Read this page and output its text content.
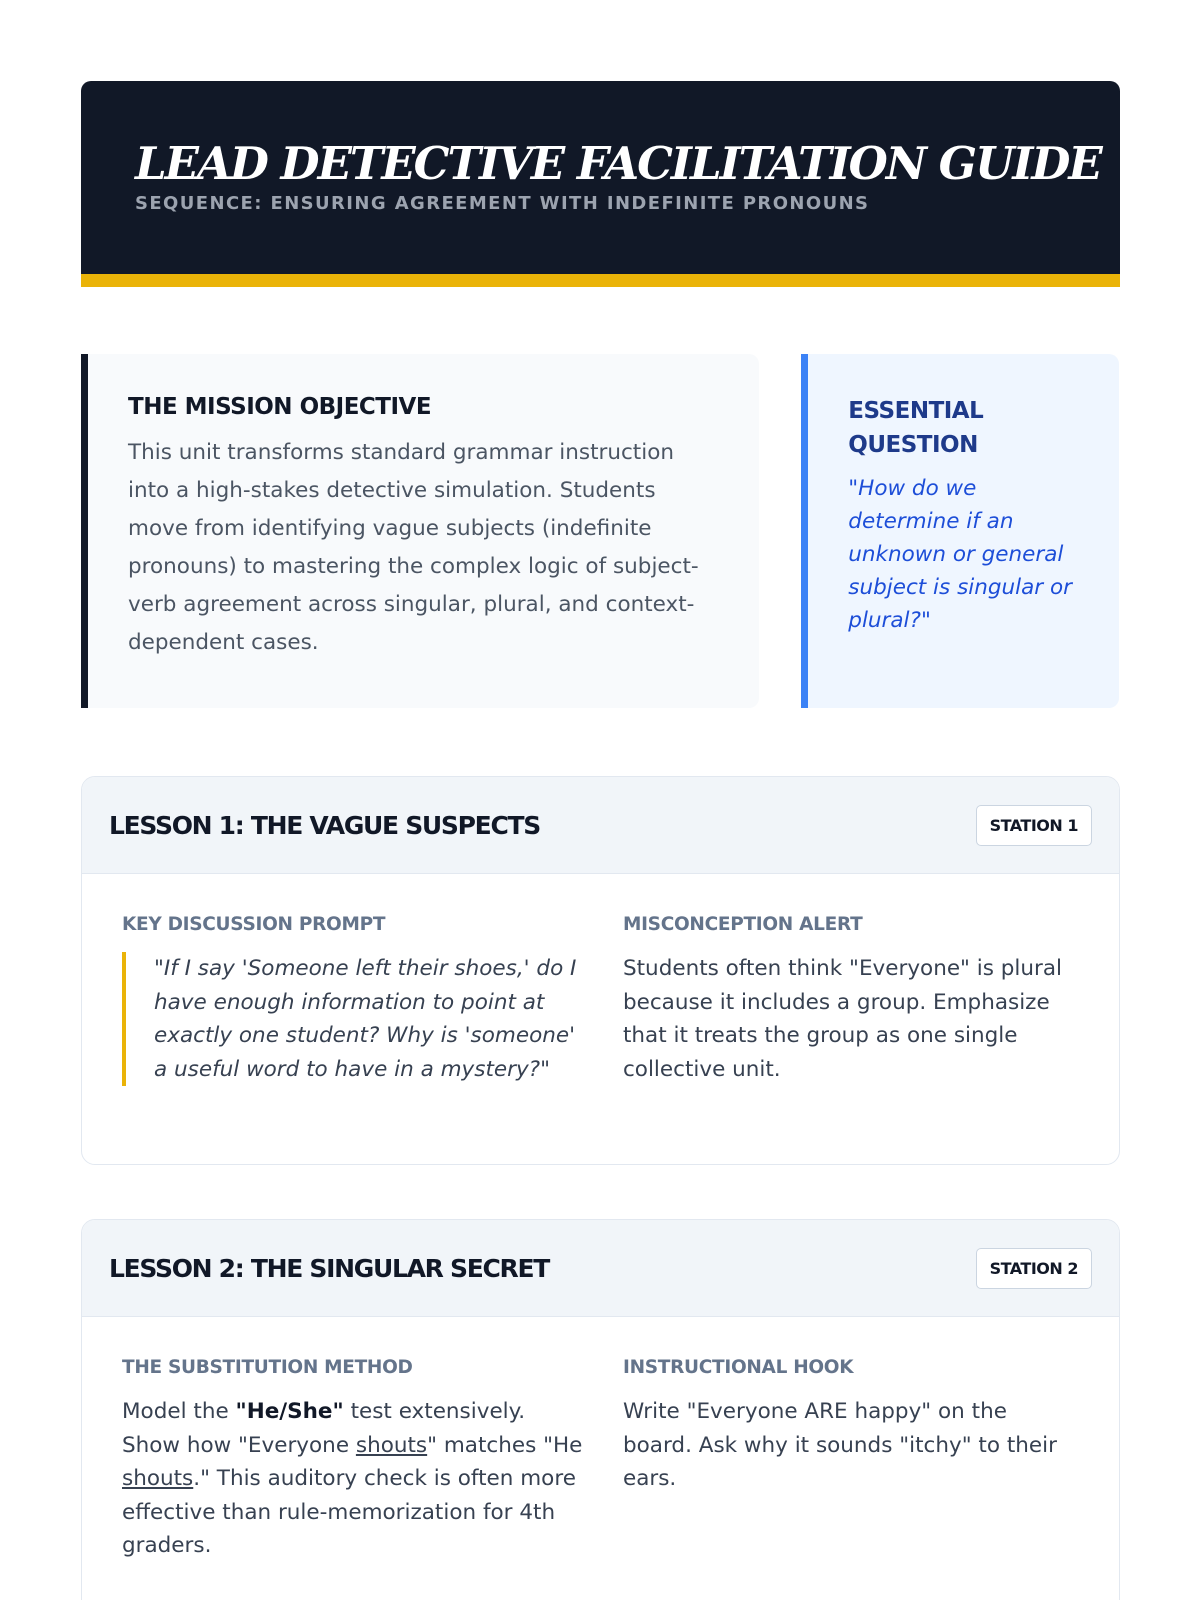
LEAD DETECTIVE FACILITATION GUIDE
SEQUENCE: ENSURING AGREEMENT WITH INDEFINITE PRONOUNS
THE MISSION OBJECTIVE

This unit transforms standard grammar instruction into a high-stakes detective simulation. Students move from identifying vague subjects (indefinite pronouns) to mastering the complex logic of subject-verb agreement across singular, plural, and context-dependent cases.

ESSENTIAL QUESTION

"How do we determine if an unknown or general subject is singular or plural?"

LESSON 1: THE VAGUE SUSPECTS	STATION 1
KEY DISCUSSION PROMPT
"If I say 'Someone left their shoes,' do I have enough information to point at exactly one student? Why is 'someone' a useful word to have in a mystery?"
MISCONCEPTION ALERT

Students often think "Everyone" is plural because it includes a group. Emphasize that it treats the group as one single collective unit.

LESSON 2: THE SINGULAR SECRET	STATION 2
THE SUBSTITUTION METHOD

Model the "He/She" test extensively. Show how "Everyone shouts" matches "He shouts." This auditory check is often more effective than rule-memorization for 4th graders.

INSTRUCTIONAL HOOK

Write "Everyone ARE happy" on the board. Ask why it sounds "itchy" to their ears.
